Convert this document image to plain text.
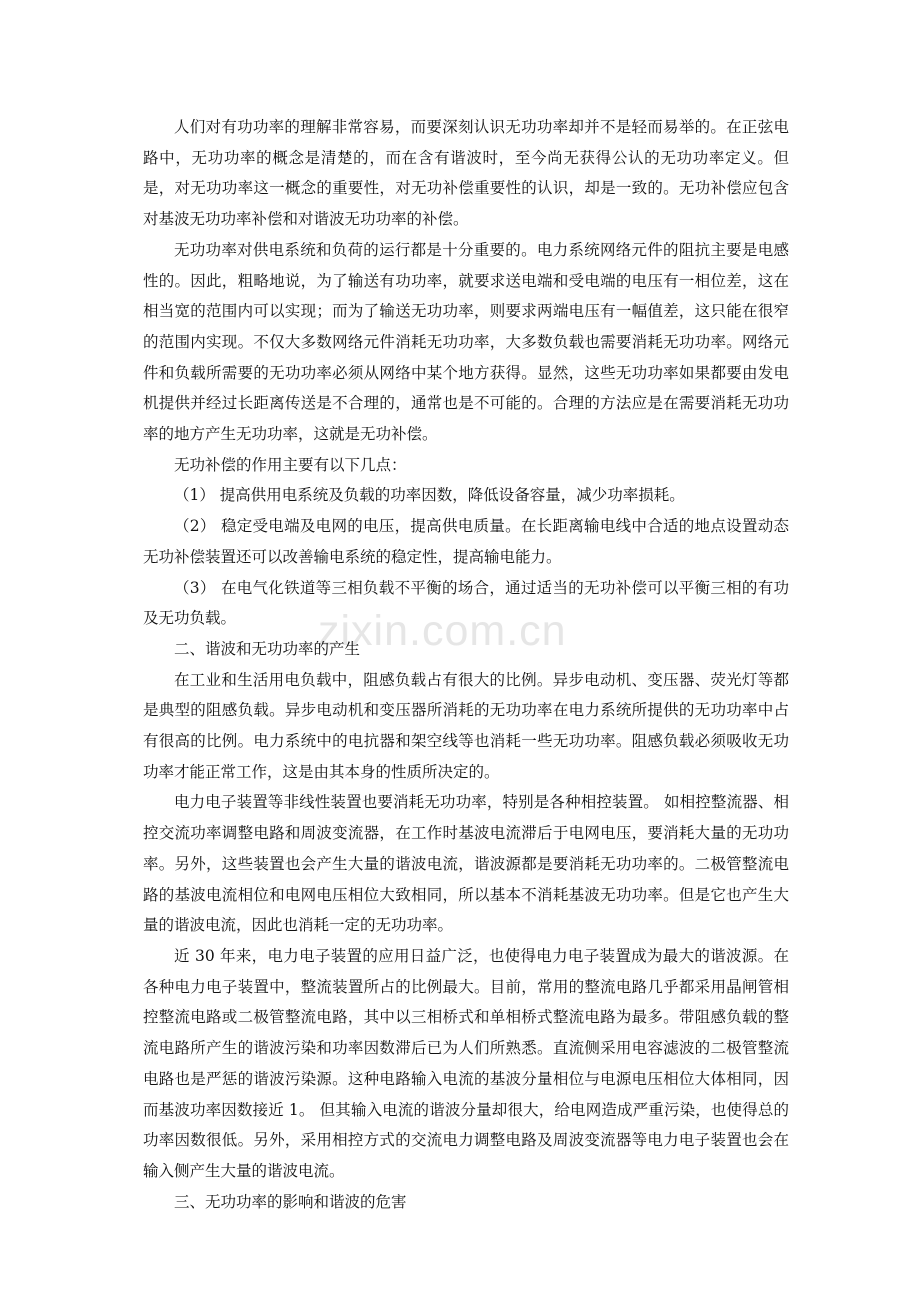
zixin.com.cn

人们对有功功率的理解非常容易，而要深刻认识无功功率却并不是轻而易举的。在正弦电路中，无功功率的概念是清楚的，而在含有谐波时，至今尚无获得公认的无功功率定义。但是，对无功功率这一概念的重要性，对无功补偿重要性的认识，却是一致的。无功补偿应包含对基波无功功率补偿和对谐波无功功率的补偿。

无功功率对供电系统和负荷的运行都是十分重要的。电力系统网络元件的阻抗主要是电感性的。因此，粗略地说，为了输送有功功率，就要求送电端和受电端的电压有一相位差，这在相当宽的范围内可以实现；而为了输送无功功率，则要求两端电压有一幅值差，这只能在很窄的范围内实现。不仅大多数网络元件消耗无功功率，大多数负载也需要消耗无功功率。网络元件和负载所需要的无功功率必须从网络中某个地方获得。显然，这些无功功率如果都要由发电机提供并经过长距离传送是不合理的，通常也是不可能的。合理的方法应是在需要消耗无功功率的地方产生无功功率，这就是无功补偿。

无功补偿的作用主要有以下几点：

（1） 提高供用电系统及负载的功率因数，降低设备容量，减少功率损耗。

（2） 稳定受电端及电网的电压，提高供电质量。在长距离输电线中合适的地点设置动态无功补偿装置还可以改善输电系统的稳定性，提高输电能力。

（3） 在电气化铁道等三相负载不平衡的场合，通过适当的无功补偿可以平衡三相的有功及无功负载。

二、谐波和无功功率的产生

在工业和生活用电负载中，阻感负载占有很大的比例。异步电动机、变压器、荧光灯等都是典型的阻感负载。异步电动机和变压器所消耗的无功功率在电力系统所提供的无功功率中占有很高的比例。电力系统中的电抗器和架空线等也消耗一些无功功率。阻感负载必须吸收无功功率才能正常工作，这是由其本身的性质所决定的。

电力电子装置等非线性装置也要消耗无功功率，特别是各种相控装置。 如相控整流器、相控交流功率调整电路和周波变流器，在工作时基波电流滞后于电网电压，要消耗大量的无功功率。另外，这些装置也会产生大量的谐波电流，谐波源都是要消耗无功功率的。二极管整流电路的基波电流相位和电网电压相位大致相同，所以基本不消耗基波无功功率。但是它也产生大量的谐波电流，因此也消耗一定的无功功率。

近 30 年来，电力电子装置的应用日益广泛，也使得电力电子装置成为最大的谐波源。在各种电力电子装置中，整流装置所占的比例最大。目前，常用的整流电路几乎都采用晶闸管相控整流电路或二极管整流电路，其中以三相桥式和单相桥式整流电路为最多。带阻感负载的整流电路所产生的谐波污染和功率因数滞后已为人们所熟悉。直流侧采用电容滤波的二极管整流电路也是严惩的谐波污染源。这种电路输入电流的基波分量相位与电源电压相位大体相同，因而基波功率因数接近 1。 但其输入电流的谐波分量却很大，给电网造成严重污染，也使得总的功率因数很低。另外，采用相控方式的交流电力调整电路及周波变流器等电力电子装置也会在输入侧产生大量的谐波电流。

三、无功功率的影响和谐波的危害
